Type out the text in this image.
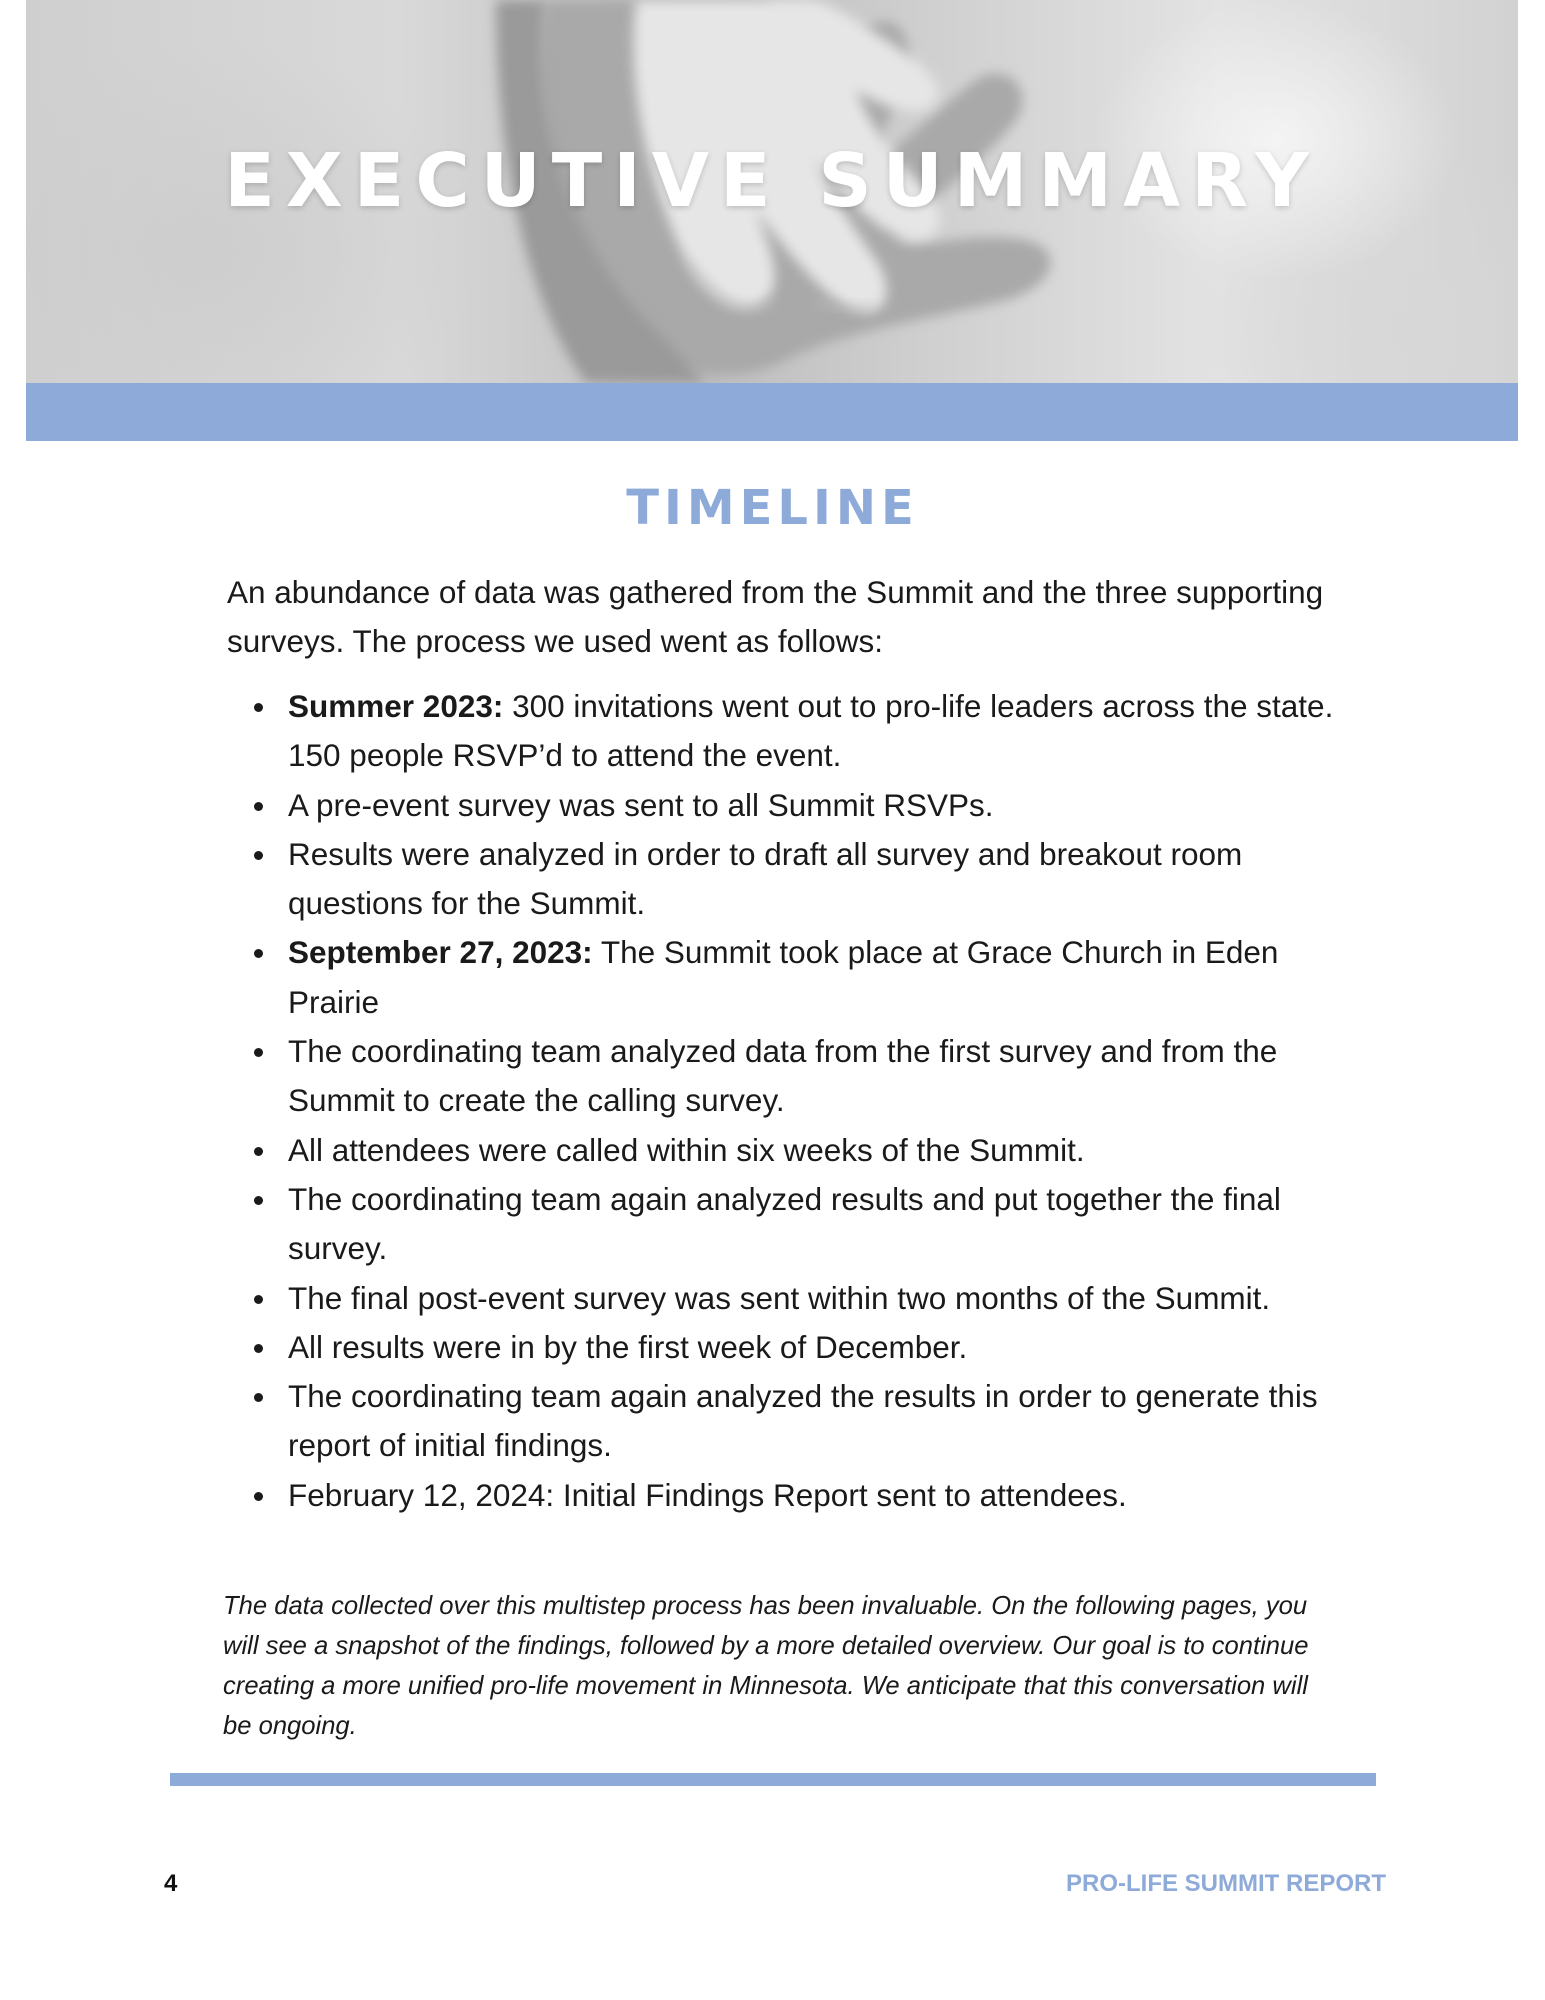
EXECUTIVE SUMMARY
TIMELINE

An abundance of data was gathered from the Summit and the three supporting surveys. The process we used went as follows:

Summer 2023: 300 invitations went out to pro-life leaders across the state. 150 people RSVP’d to attend the event.
A pre-event survey was sent to all Summit RSVPs.
Results were analyzed in order to draft all survey and breakout room questions for the Summit.
September 27, 2023: The Summit took place at Grace Church in Eden Prairie
The coordinating team analyzed data from the first survey and from the Summit to create the calling survey.
All attendees were called within six weeks of the Summit.
The coordinating team again analyzed results and put together the final survey.
The final post-event survey was sent within two months of the Summit.
All results were in by the first week of December.
The coordinating team again analyzed the results in order to generate this report of initial findings.
February 12, 2024: Initial Findings Report sent to attendees.

The data collected over this multistep process has been invaluable. On the following pages, you will see a snapshot of the findings, followed by a more detailed overview. Our goal is to continue creating a more unified pro-life movement in Minnesota. We anticipate that this conversation will be ongoing.

4	PRO-LIFE SUMMIT REPORT
